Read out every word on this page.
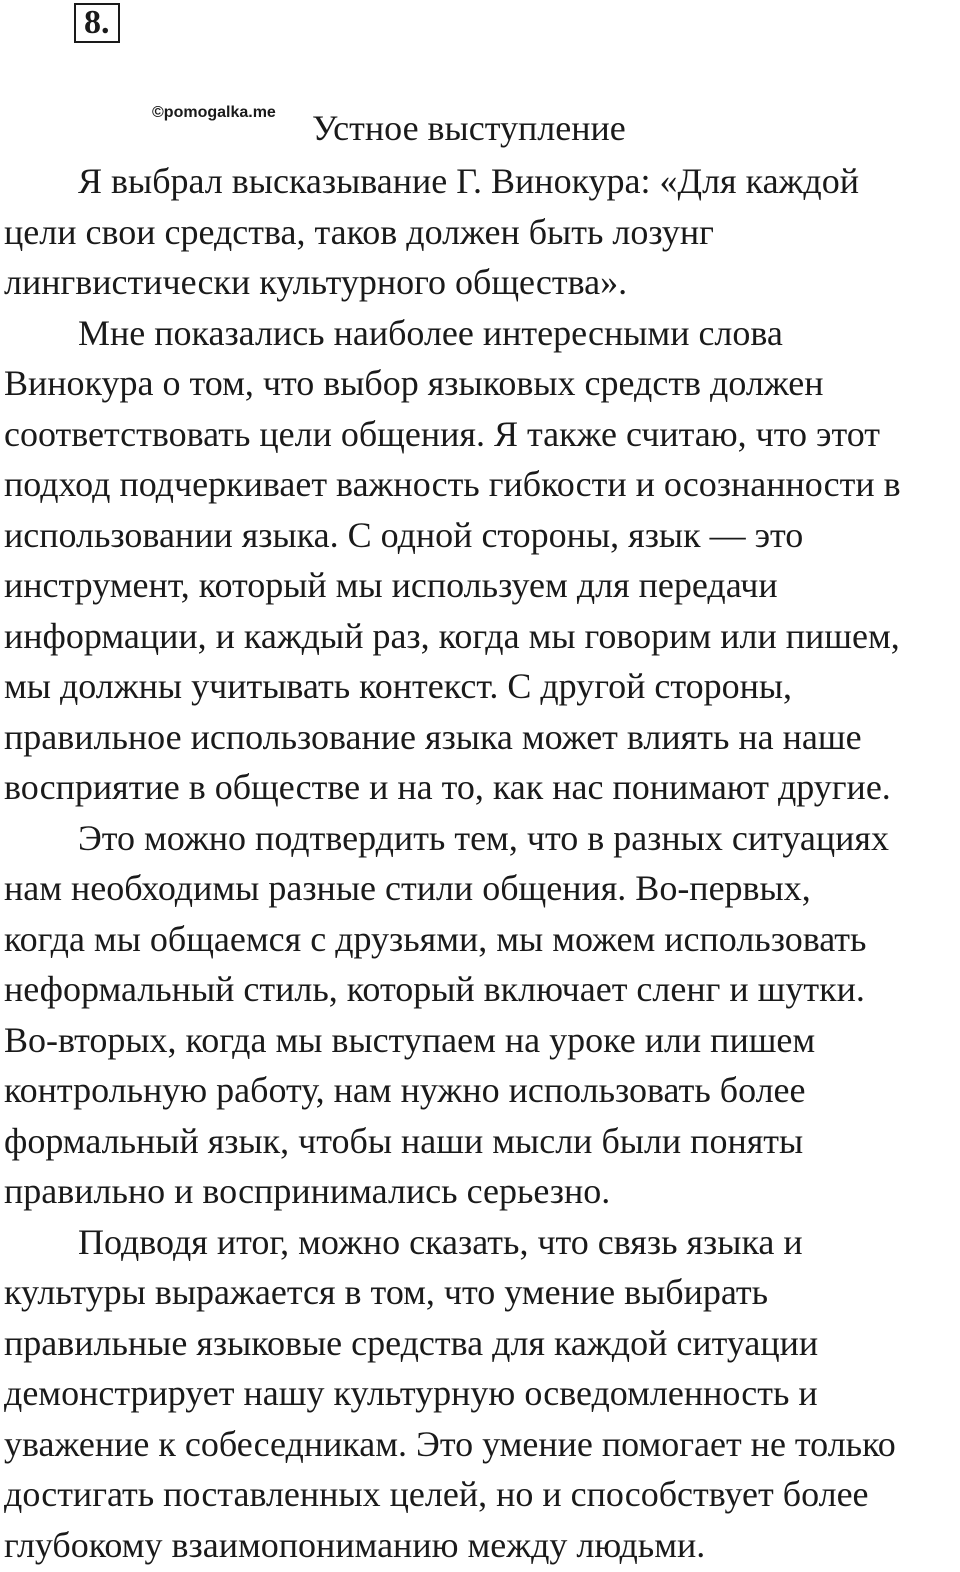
8.
©pomogalka.me Устное выступление
Я выбрал высказывание Г. Винокура: «Для каждой
цели свои средства, таков должен быть лозунг
лингвистически культурного общества».
Мне показались наиболее интересными слова
Винокура о том, что выбор языковых средств должен
соответствовать цели общения. Я также считаю, что этот
подход подчеркивает важность гибкости и осознанности в
использовании языка. С одной стороны, язык — это
инструмент, который мы используем для передачи
информации, и каждый раз, когда мы говорим или пишем,
мы должны учитывать контекст. С другой стороны,
правильное использование языка может влиять на наше
восприятие в обществе и на то, как нас понимают другие.
Это можно подтвердить тем, что в разных ситуациях
нам необходимы разные стили общения. Во-первых,
когда мы общаемся с друзьями, мы можем использовать
неформальный стиль, который включает сленг и шутки.
Во-вторых, когда мы выступаем на уроке или пишем
контрольную работу, нам нужно использовать более
формальный язык, чтобы наши мысли были поняты
правильно и воспринимались серьезно.
Подводя итог, можно сказать, что связь языка и
культуры выражается в том, что умение выбирать
правильные языковые средства для каждой ситуации
демонстрирует нашу культурную осведомленность и
уважение к собеседникам. Это умение помогает не только
достигать поставленных целей, но и способствует более
глубокому взаимопониманию между людьми.
